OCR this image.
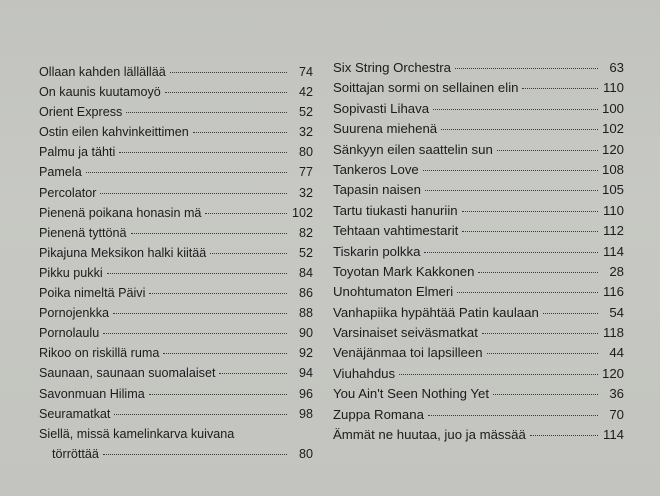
Ollaan kahden lällällää	74
On kaunis kuutamoyö	42
Orient Express	52
Ostin eilen kahvinkeittimen	32
Palmu ja tähti	80
Pamela	77
Percolator	32
Pienenä poikana honasin mä	102
Pienenä tyttönä	82
Pikajuna Meksikon halki kiitää	52
Pikku pukki	84
Poika nimeltä Päivi	86
Pornojenkka	88
Pornolaulu	90
Rikoo on riskillä ruma	92
Saunaan, saunaan suomalaiset	94
Savonmuan Hilima	96
Seuramatkat	98
Siellä, missä kamelinkarva kuivana
törröttää	80
Six String Orchestra	63
Soittajan sormi on sellainen elin	110
Sopivasti Lihava	100
Suurena miehenä	102
Sänkyyn eilen saattelin sun	120
Tankeros Love	108
Tapasin naisen	105
Tartu tiukasti hanuriin	110
Tehtaan vahtimestarit	112
Tiskarin polkka	114
Toyotan Mark Kakkonen	28
Unohtumaton Elmeri	116
Vanhapiika hypähtää Patin kaulaan	54
Varsinaiset seiväsmatkat	118
Venäjänmaa toi lapsilleen	44
Viuhahdus	120
You Ain't Seen Nothing Yet	36
Zuppa Romana	70
Ämmät ne huutaa, juo ja mässää	114
